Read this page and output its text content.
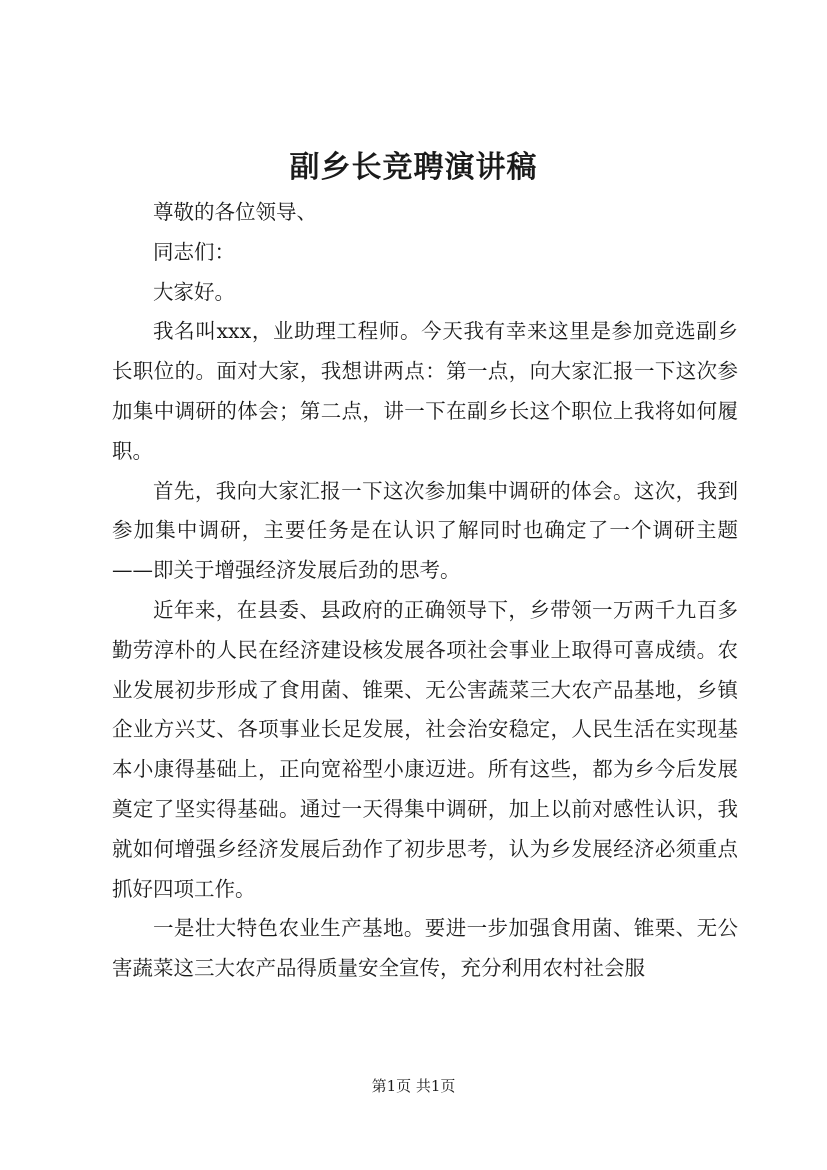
副乡长竞聘演讲稿

尊敬的各位领导、

同志们：

大家好。

我名叫xxx，业助理工程师。今天我有幸来这里是参加竞选副乡长职位的。面对大家，我想讲两点：第一点，向大家汇报一下这次参加集中调研的体会；第二点，讲一下在副乡长这个职位上我将如何履职。

首先，我向大家汇报一下这次参加集中调研的体会。这次，我到参加集中调研，主要任务是在认识了解同时也确定了一个调研主题——即关于增强经济发展后劲的思考。

近年来，在县委、县政府的正确领导下，乡带领一万两千九百多勤劳淳朴的人民在经济建设核发展各项社会事业上取得可喜成绩。农业发展初步形成了食用菌、锥栗、无公害蔬菜三大农产品基地，乡镇企业方兴艾、各项事业长足发展，社会治安稳定，人民生活在实现基本小康得基础上，正向宽裕型小康迈进。所有这些，都为乡今后发展奠定了坚实得基础。通过一天得集中调研，加上以前对感性认识，我就如何增强乡经济发展后劲作了初步思考，认为乡发展经济必须重点抓好四项工作。

一是壮大特色农业生产基地。要进一步加强食用菌、锥栗、无公害蔬菜这三大农产品得质量安全宣传，充分利用农村社会服

第1页 共1页
